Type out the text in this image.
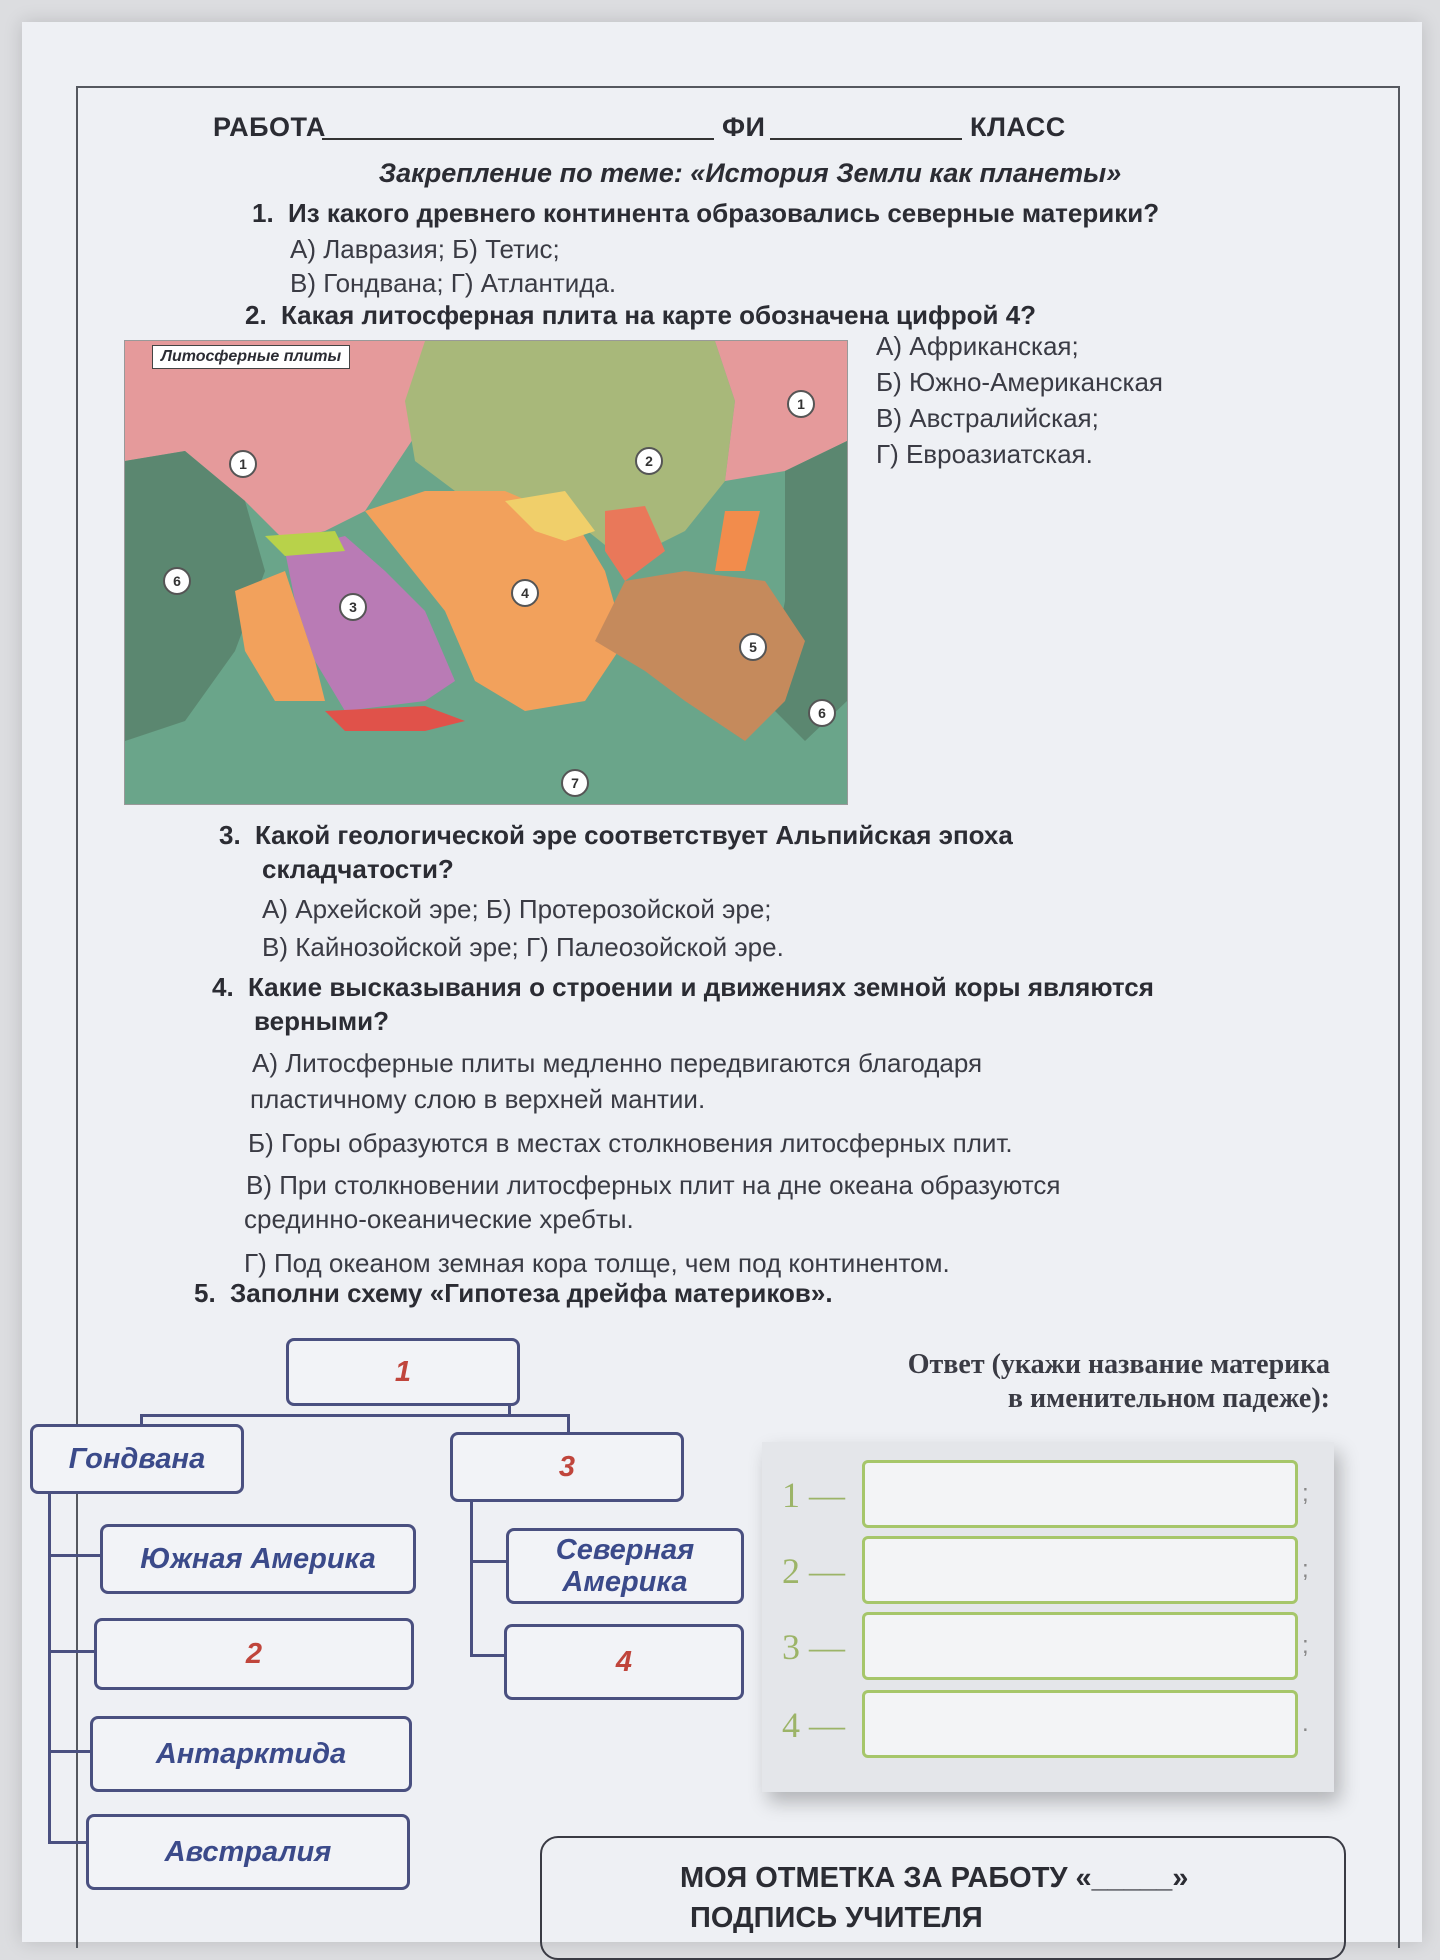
РАБОТА	ФИ	КЛАСС
Закрепление по теме: «История Земли как планеты»
1. Из какого древнего континента образовались северные материки?
А) Лавразия; Б) Тетис;
В) Гондвана; Г) Атлантида.
2. Какая литосферная плита на карте обозначена цифрой 4?
А) Африканская;
Б) Южно-Американская
В) Австралийская;
Г) Евроазиатская.
1
1
2
3
4
5
6
6
7
Литосферные плиты
3. Какой геологической эре соответствует Альпийская эпоха
складчатости?
А) Архейской эре; Б) Протерозойской эре;
В) Кайнозойской эре; Г) Палеозойской эре.
4. Какие высказывания о строении и движениях земной коры являются
верными?
А) Литосферные плиты медленно передвигаются благодаря
пластичному слою в верхней мантии.
Б) Горы образуются в местах столкновения литосферных плит.
В) При столкновении литосферных плит на дне океана образуются
срединно-океанические хребты.
Г) Под океаном земная кора толще, чем под континентом.
5. Заполни схему «Гипотеза дрейфа материков».
1
Гондвана	3
Южная Америка
2
Антарктида
Австралия
Северная Америка
4
Ответ (укажи название материка
в именительном падеже):
1 —	;
2 —	;
3 —	;
4 —	.
МОЯ ОТМЕТКА ЗА РАБОТУ «_____»
ПОДПИСЬ УЧИТЕЛЯ
